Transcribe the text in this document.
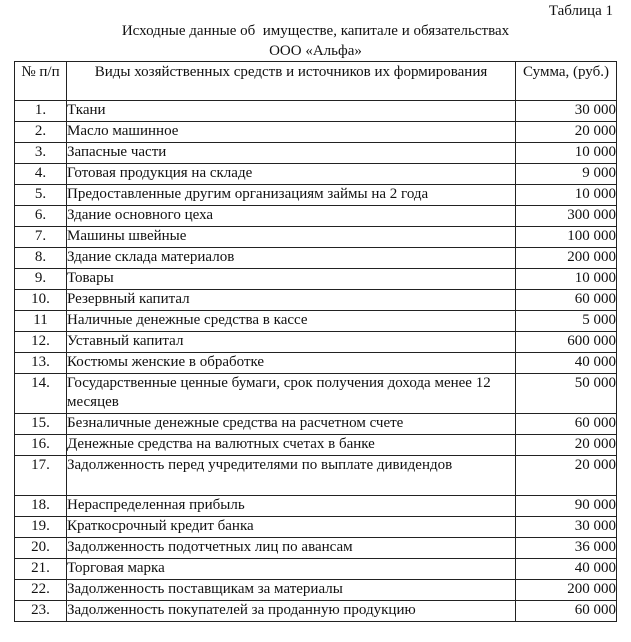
Таблица 1
Исходные данные об  имуществе, капитале и обязательствах
ООО «Альфа»
№ п/п	Виды хозяйственных средств и источников их формирования	Сумма, (руб.)
1.	Ткани	30 000
2.	Масло машинное	20 000
3.	Запасные части	10 000
4.	Готовая продукция на складе	9 000
5.	Предоставленные другим организациям займы на 2 года	10 000
6.	Здание основного цеха	300 000
7.	Машины швейные	100 000
8.	Здание склада материалов	200 000
9.	Товары	10 000
10.	Резервный капитал	60 000
11	Наличные денежные средства в кассе	5 000
12.	Уставный капитал	600 000
13.	Костюмы женские в обработке	40 000
14.	Государственные ценные бумаги, срок получения дохода менее 12 месяцев	50 000
15.	Безналичные денежные средства на расчетном счете	60 000
16.	Денежные средства на валютных счетах в банке	20 000
17.	Задолженность перед учредителями по выплате дивидендов	20 000
18.	Нераспределенная прибыль	90 000
19.	Краткосрочный кредит банка	30 000
20.	Задолженность подотчетных лиц по авансам	36 000
21.	Торговая марка	40 000
22.	Задолженность поставщикам за материалы	200 000
23.	Задолженность покупателей за проданную продукцию	60 000
